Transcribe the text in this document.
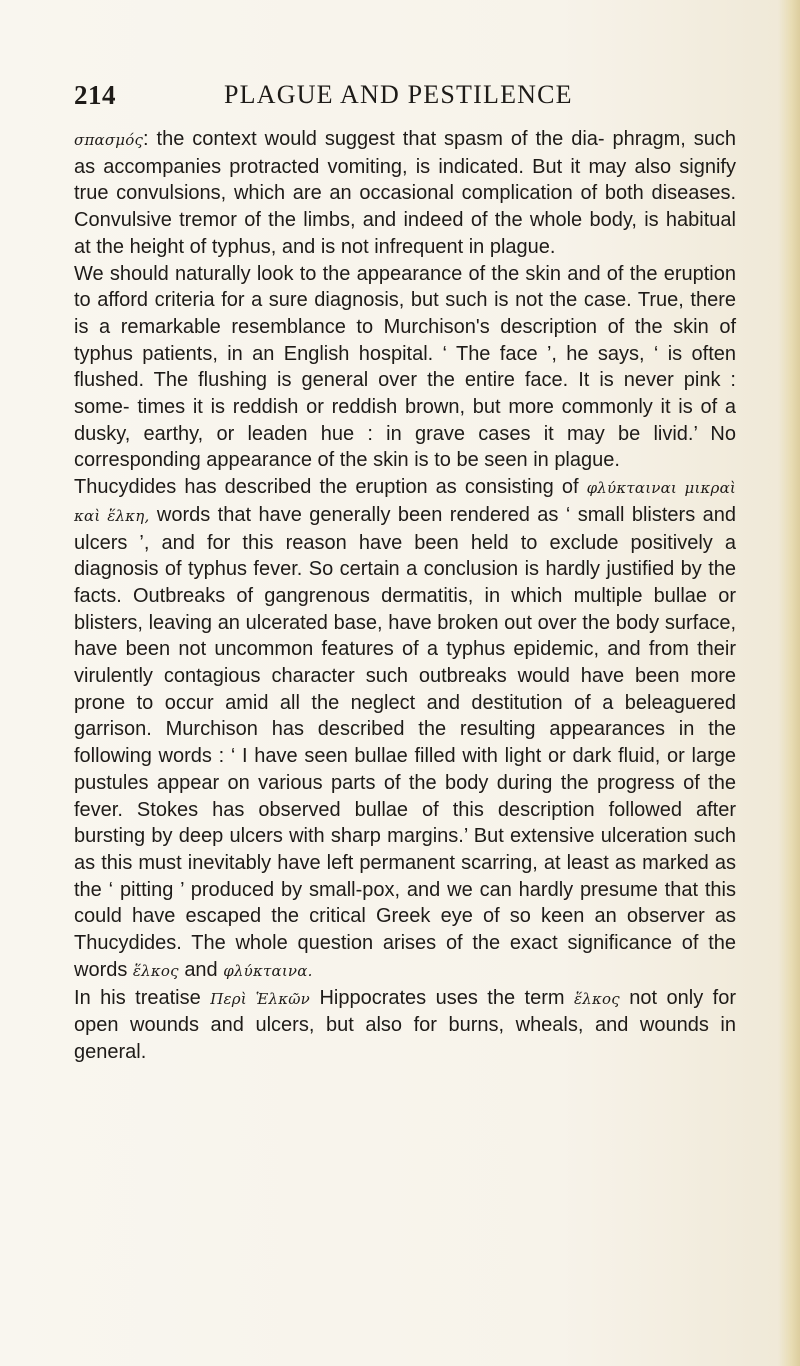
214	PLAGUE AND PESTILENCE

σπασμός: the context would suggest that spasm of the dia- phragm, such as accompanies protracted vomiting, is indicated. But it may also signify true convulsions, which are an occasional complication of both diseases. Convulsive tremor of the limbs, and indeed of the whole body, is habitual at the height of typhus, and is not infrequent in plague.

We should naturally look to the appearance of the skin and of the eruption to afford criteria for a sure diagnosis, but such is not the case. True, there is a remarkable resemblance to Murchison's description of the skin of typhus patients, in an English hospital. ‘ The face ’, he says, ‘ is often flushed. The flushing is general over the entire face. It is never pink : some- times it is reddish or reddish brown, but more commonly it is of a dusky, earthy, or leaden hue : in grave cases it may be livid.’ No corresponding appearance of the skin is to be seen in plague.

Thucydides has described the eruption as consisting of φλύκταιναι μικραὶ καὶ ἕλκη, words that have generally been rendered as ‘ small blisters and ulcers ’, and for this reason have been held to exclude positively a diagnosis of typhus fever. So certain a conclusion is hardly justified by the facts. Outbreaks of gangrenous dermatitis, in which multiple bullae or blisters, leaving an ulcerated base, have broken out over the body surface, have been not uncommon features of a typhus epidemic, and from their virulently contagious character such outbreaks would have been more prone to occur amid all the neglect and destitution of a beleaguered garrison. Murchison has described the resulting appearances in the following words : ‘ I have seen bullae filled with light or dark fluid, or large pustules appear on various parts of the body during the progress of the fever. Stokes has observed bullae of this description followed after bursting by deep ulcers with sharp margins.’ But extensive ulceration such as this must inevitably have left permanent scarring, at least as marked as the ‘ pitting ’ produced by small-pox, and we can hardly presume that this could have escaped the critical Greek eye of so keen an observer as Thucydides. The whole question arises of the exact significance of the words ἕλκος and φλύκταινα.

In his treatise Περὶ Ἑλκῶν Hippocrates uses the term ἕλκος not only for open wounds and ulcers, but also for burns, wheals, and wounds in general.
